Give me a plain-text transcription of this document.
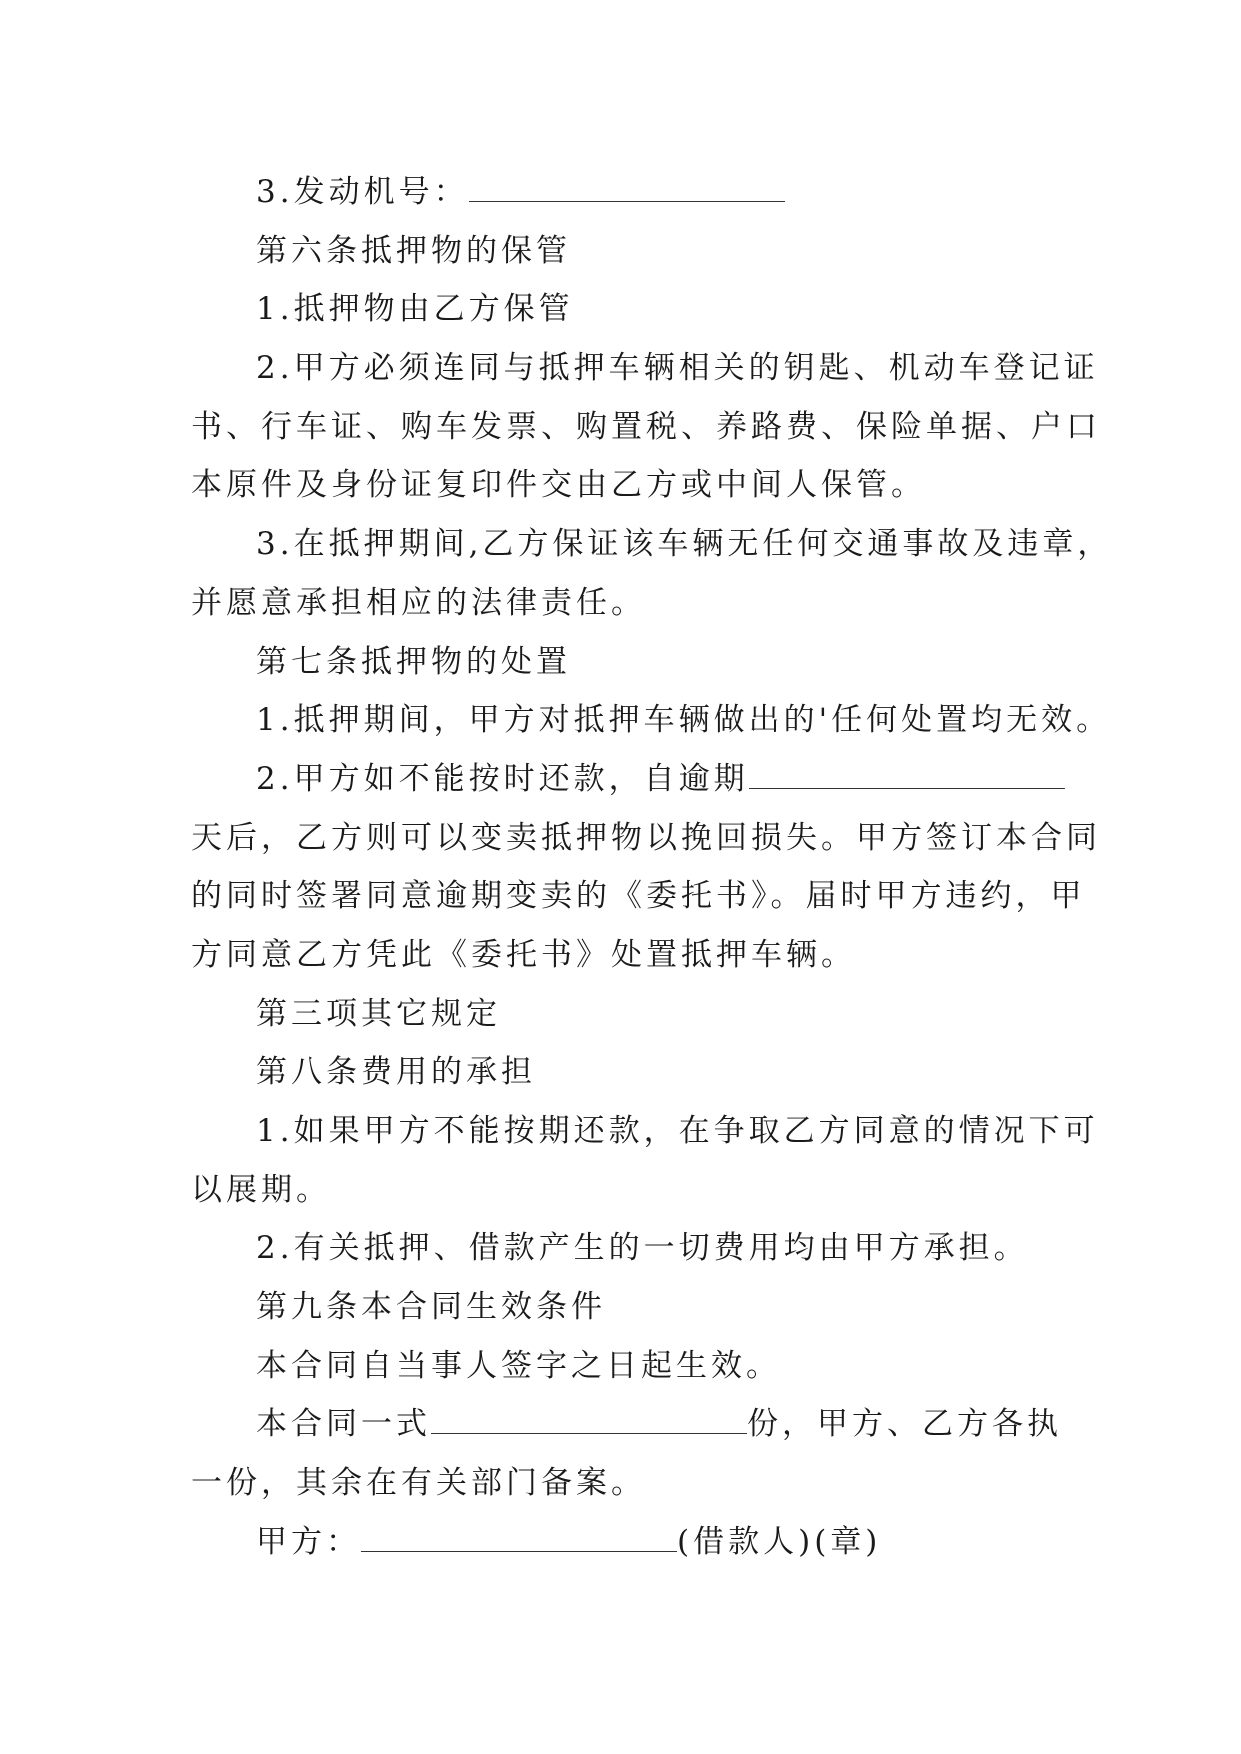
3.发动机号：
第六条抵押物的保管
1.抵押物由乙方保管
2.甲方必须连同与抵押车辆相关的钥匙、机动车登记证
书、行车证、购车发票、购置税、养路费、保险单据、户口
本原件及身份证复印件交由乙方或中间人保管。
3.在抵押期间,乙方保证该车辆无任何交通事故及违章，
并愿意承担相应的法律责任。
第七条抵押物的处置
1.抵押期间，甲方对抵押车辆做出的'任何处置均无效。
2.甲方如不能按时还款，自逾期
天后，乙方则可以变卖抵押物以挽回损失。甲方签订本合同
的同时签署同意逾期变卖的《委托书》。届时甲方违约，甲
方同意乙方凭此《委托书》处置抵押车辆。
第三项其它规定
第八条费用的承担
1.如果甲方不能按期还款，在争取乙方同意的情况下可
以展期。
2.有关抵押、借款产生的一切费用均由甲方承担。
第九条本合同生效条件
本合同自当事人签字之日起生效。
本合同一式	份，甲方、乙方各执
一份，其余在有关部门备案。
甲方：	(借款人)(章)
